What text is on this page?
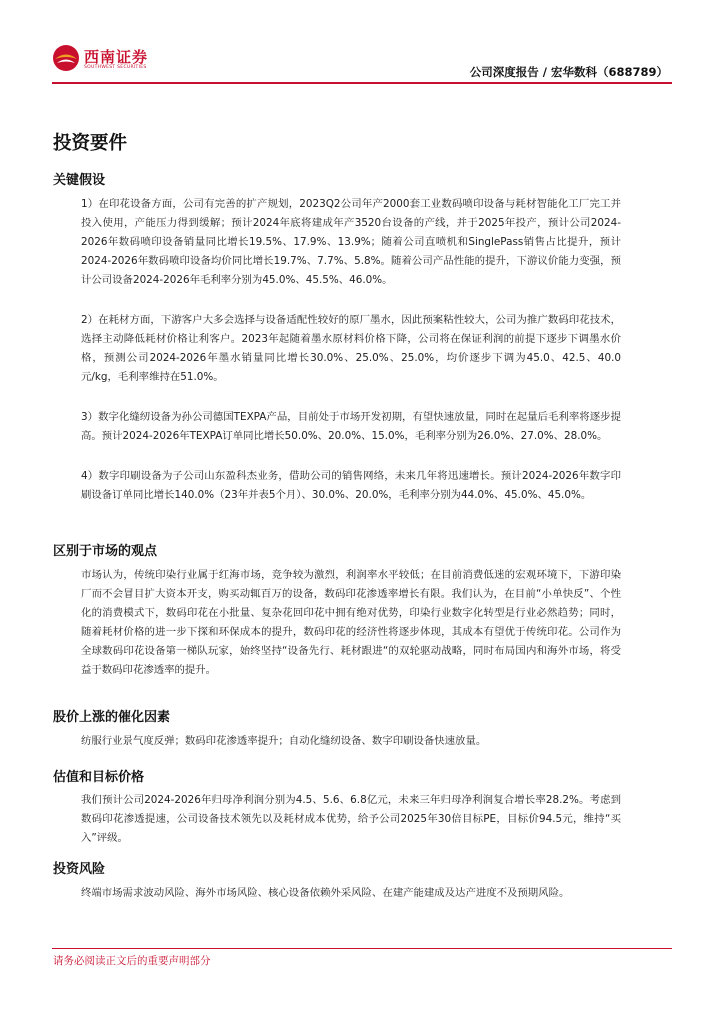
西南证券
SOUTHWEST SECURITIES	公司深度报告 / 宏华数科（688789）
投资要件
关键假设
1）在印花设备方面，公司有完善的扩产规划，2023Q2公司年产2000套工业数码喷印设备与耗材智能化工厂完工并投入使用，产能压力得到缓解；预计2024年底将建成年产3520台设备的产线，并于2025年投产，预计公司2024-2026年数码喷印设备销量同比增长19.5%、17.9%、13.9%；随着公司直喷机和SinglePass销售占比提升，预计2024-2026年数码喷印设备均价同比增长19.7%、7.7%、5.8%。随着公司产品性能的提升，下游议价能力变强，预计公司设备2024-2026年毛利率分别为45.0%、45.5%、46.0%。
2）在耗材方面，下游客户大多会选择与设备适配性较好的原厂墨水，因此预案粘性较大，公司为推广数码印花技术，选择主动降低耗材价格让利客户。2023年起随着墨水原材料价格下降，公司将在保证利润的前提下逐步下调墨水价格，预测公司2024-2026年墨水销量同比增长30.0%、25.0%、25.0%，均价逐步下调为45.0、42.5、40.0元/kg，毛利率维持在51.0%。
3）数字化缝纫设备为孙公司德国TEXPA产品，目前处于市场开发初期，有望快速放量，同时在起量后毛利率将逐步提高。预计2024-2026年TEXPA订单同比增长50.0%、20.0%、15.0%，毛利率分别为26.0%、27.0%、28.0%。
4）数字印刷设备为子公司山东盈科杰业务，借助公司的销售网络，未来几年将迅速增长。预计2024-2026年数字印刷设备订单同比增长140.0%（23年并表5个月）、30.0%、20.0%，毛利率分别为44.0%、45.0%、45.0%。
区别于市场的观点
市场认为，传统印染行业属于红海市场，竞争较为激烈，利润率水平较低；在目前消费低迷的宏观环境下，下游印染厂而不会冒目扩大资本开支，购买动辄百万的设备，数码印花渗透率增长有限。我们认为，在目前“小单快反”、个性化的消费模式下，数码印花在小批量、复杂花回印花中拥有绝对优势，印染行业数字化转型是行业必然趋势；同时，随着耗材价格的进一步下探和环保成本的提升，数码印花的经济性将逐步体现，其成本有望优于传统印花。公司作为全球数码印花设备第一梯队玩家，始终坚持“设备先行、耗材跟进“的双轮驱动战略，同时布局国内和海外市场，将受益于数码印花渗透率的提升。
股价上涨的催化因素
纺服行业景气度反弹；数码印花渗透率提升；自动化缝纫设备、数字印刷设备快速放量。
估值和目标价格
我们预计公司2024-2026年归母净利润分别为4.5、5.6、6.8亿元，未来三年归母净利润复合增长率28.2%。考虑到数码印花渗透提速，公司设备技术领先以及耗材成本优势，给予公司2025年30倍目标PE，目标价94.5元，维持“买入”评级。
投资风险
终端市场需求波动风险、海外市场风险、核心设备依赖外采风险、在建产能建成及达产进度不及预期风险。
请务必阅读正文后的重要声明部分
